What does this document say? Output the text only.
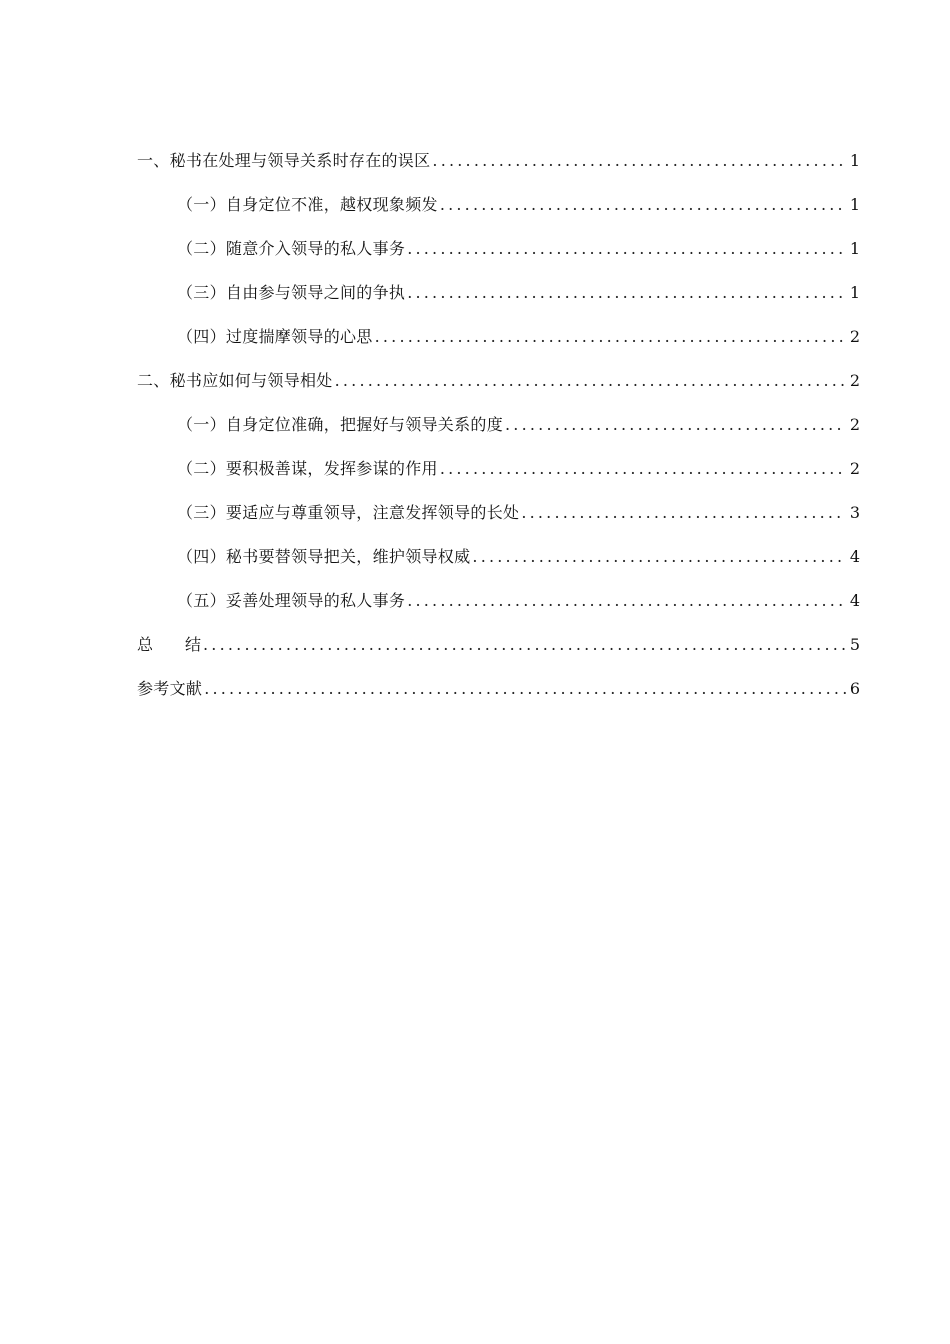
一、秘书在处理与领导关系时存在的误区 .....	1
（一）自身定位不准，越权现象频发 .....	1
（二）随意介入领导的私人事务 .....	1
（三）自由参与领导之间的争执 .....	1
（四）过度揣摩领导的心思 .....	2
二、秘书应如何与领导相处 .....	2
（一）自身定位准确，把握好与领导关系的度 .....	2
（二）要积极善谋，发挥参谋的作用 .....	2
（三）要适应与尊重领导，注意发挥领导的长处 .....	3
（四）秘书要替领导把关，维护领导权威 .....	4
（五）妥善处理领导的私人事务 .....	4
总　　结 .....	5
参考文献 .....	6
